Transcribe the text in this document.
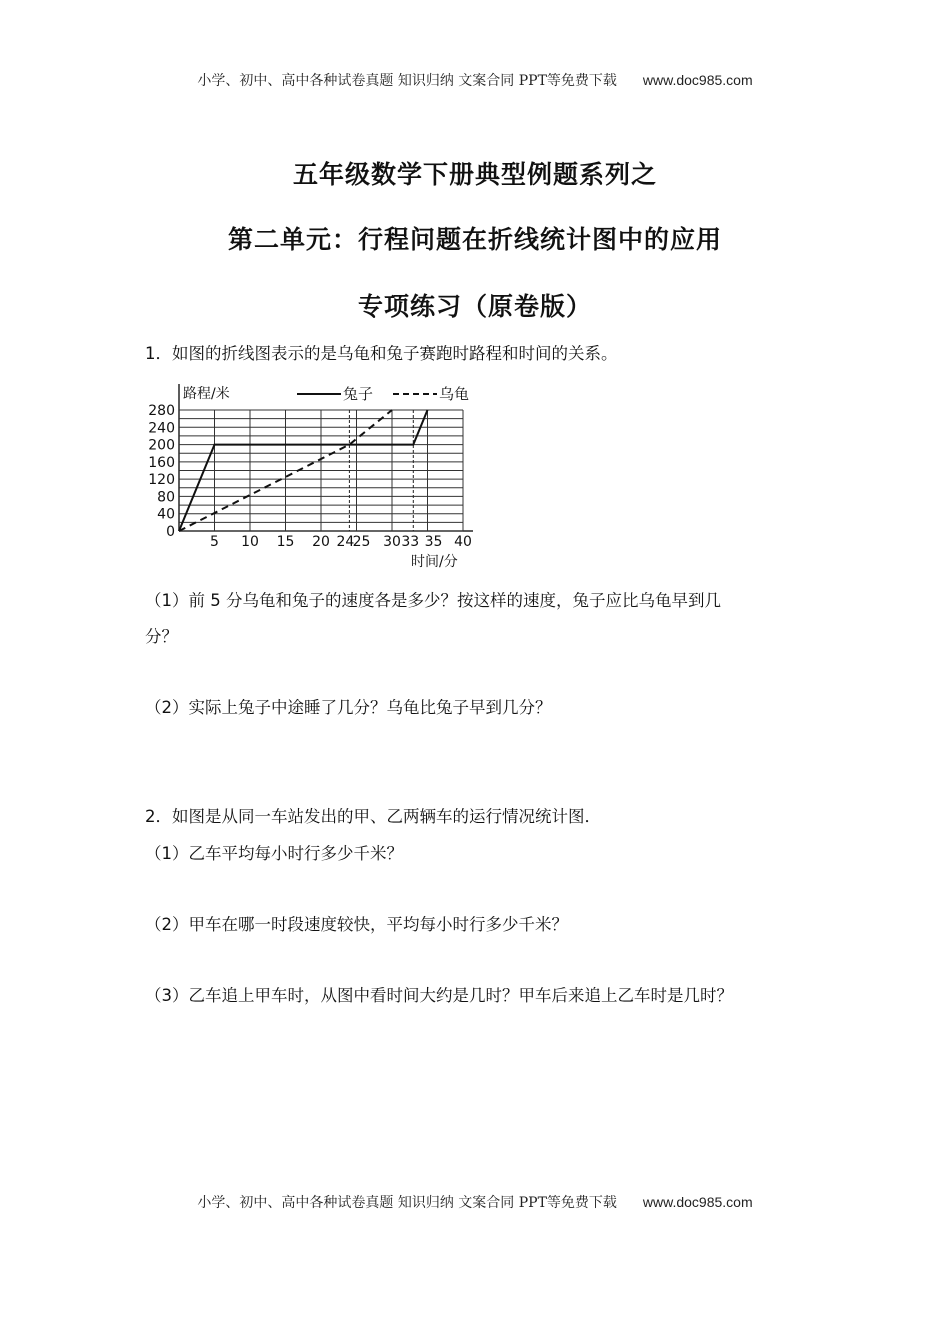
小学、初中、高中各种试卷真题 知识归纳 文案合同 PPT等免费下载 www.doc985.com
五年级数学下册典型例题系列之
第二单元：行程问题在折线统计图中的应用
专项练习（原卷版）
1．如图的折线图表示的是乌龟和兔子赛跑时路程和时间的关系。
0
40
80
120
160
200
240
280
5 10 15 20 24
25 30 33 35 40
兔子	乌龟
路程/米
时间/分
（1）前 5 分乌龟和兔子的速度各是多少？按这样的速度，兔子应比乌龟早到几
分？
（2）实际上兔子中途睡了几分？乌龟比兔子早到几分？
2．如图是从同一车站发出的甲、乙两辆车的运行情况统计图．
（1）乙车平均每小时行多少千米？
（2）甲车在哪一时段速度较快，平均每小时行多少千米？
（3）乙车追上甲车时，从图中看时间大约是几时？甲车后来追上乙车时是几时？
小学、初中、高中各种试卷真题 知识归纳 文案合同 PPT等免费下载 www.doc985.com
